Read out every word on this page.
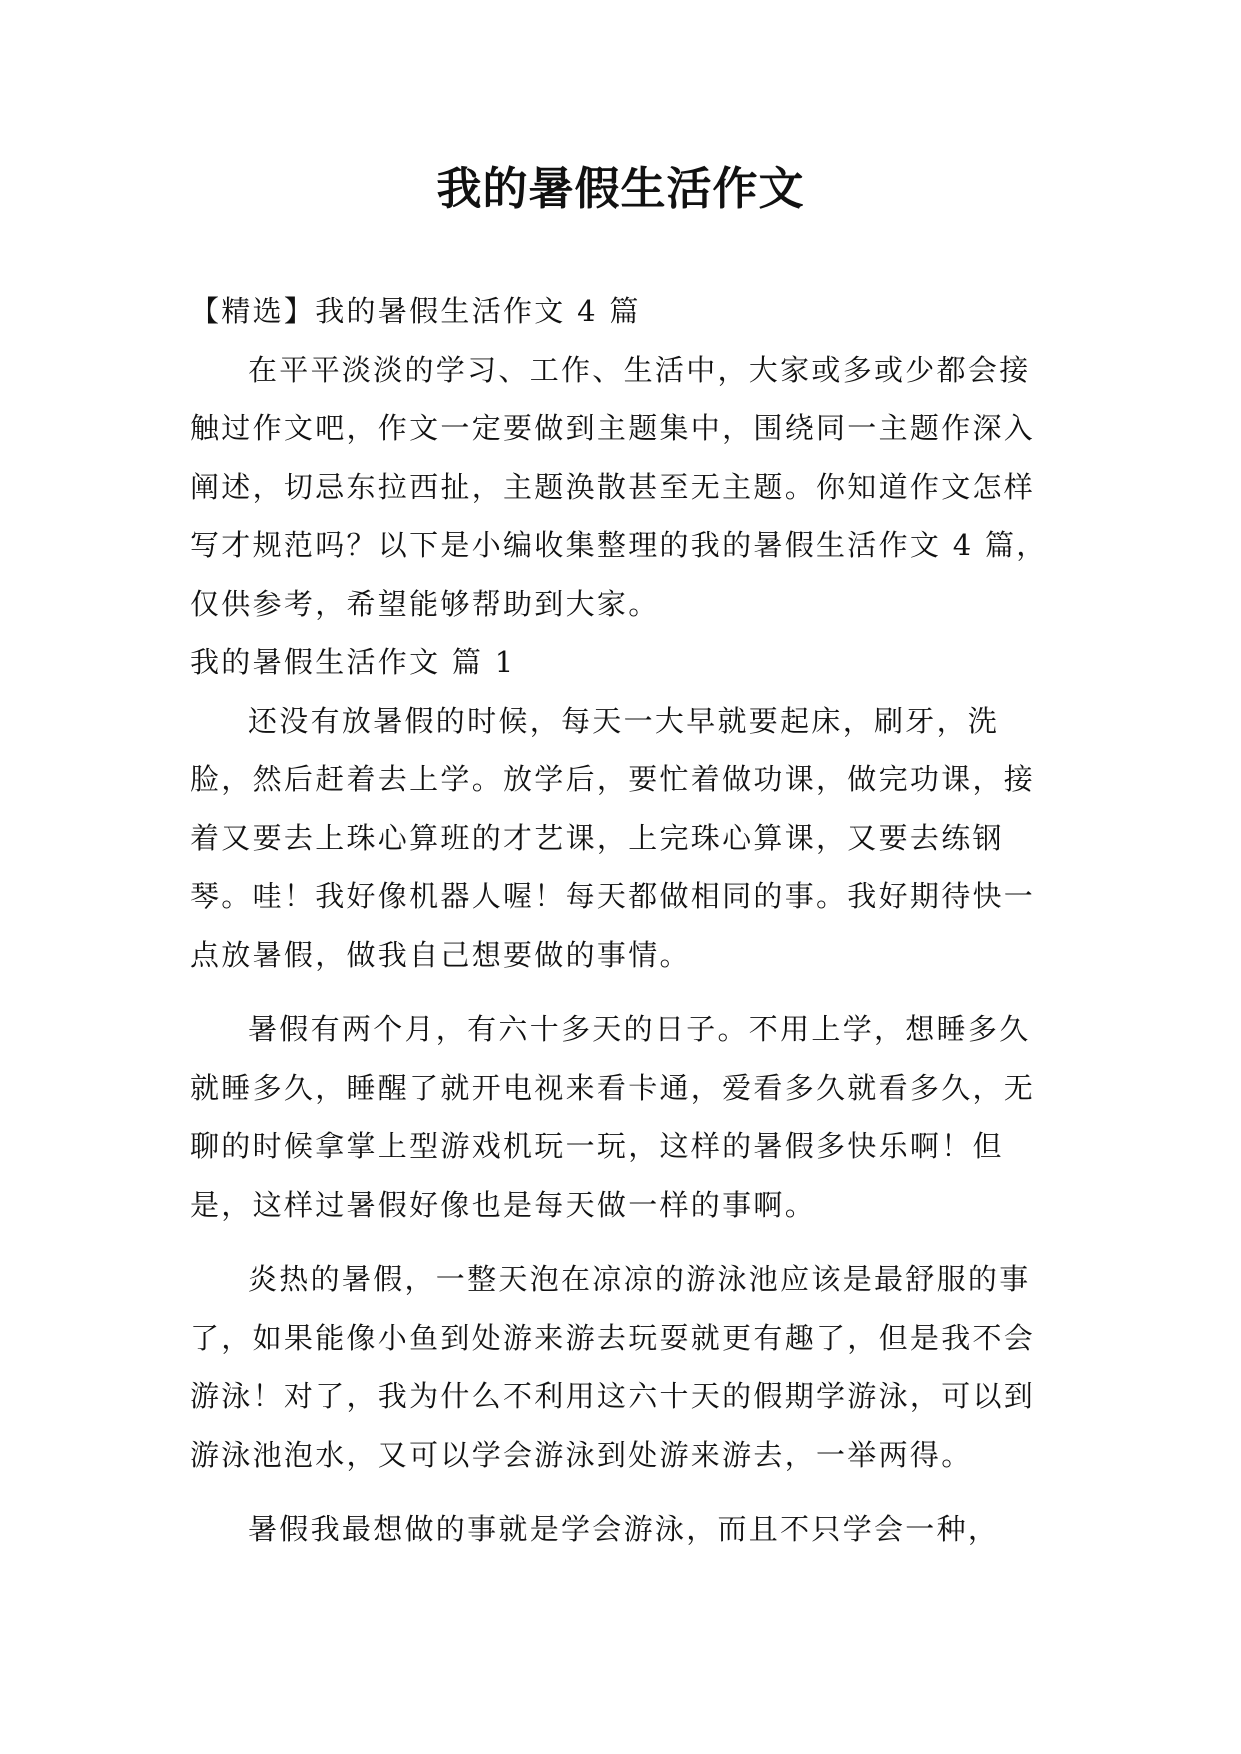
我的暑假生活作文

【精选】我的暑假生活作文 4 篇

在平平淡淡的学习、工作、生活中，大家或多或少都会接触过作文吧，作文一定要做到主题集中，围绕同一主题作深入阐述，切忌东拉西扯，主题涣散甚至无主题。你知道作文怎样写才规范吗？以下是小编收集整理的我的暑假生活作文 4 篇，仅供参考，希望能够帮助到大家。

我的暑假生活作文 篇 1

还没有放暑假的时候，每天一大早就要起床，刷牙，洗脸，然后赶着去上学。放学后，要忙着做功课，做完功课，接着又要去上珠心算班的才艺课，上完珠心算课，又要去练钢琴。哇！我好像机器人喔！每天都做相同的事。我好期待快一点放暑假，做我自己想要做的事情。

暑假有两个月，有六十多天的日子。不用上学，想睡多久就睡多久，睡醒了就开电视来看卡通，爱看多久就看多久，无聊的时候拿掌上型游戏机玩一玩，这样的暑假多快乐啊！但是，这样过暑假好像也是每天做一样的事啊。

炎热的暑假，一整天泡在凉凉的游泳池应该是最舒服的事了，如果能像小鱼到处游来游去玩耍就更有趣了，但是我不会游泳！对了，我为什么不利用这六十天的假期学游泳，可以到游泳池泡水，又可以学会游泳到处游来游去，一举两得。

暑假我最想做的事就是学会游泳，而且不只学会一种，
